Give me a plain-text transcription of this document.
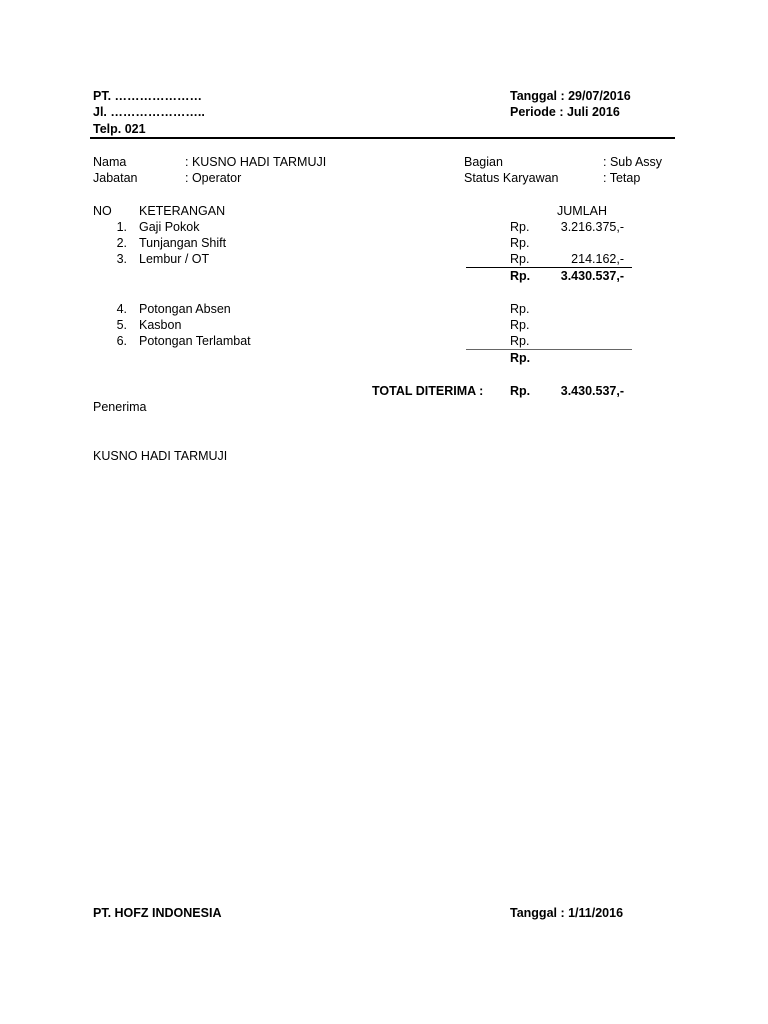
PT. …………………
Jl. …………………..
Telp. 021
Tanggal : 29/07/2016
Periode : Juli 2016
Nama	: KUSNO HADI TARMUJI
Jabatan	: Operator
Bagian	: Sub Assy
Status Karyawan	: Tetap
NO KETERANGAN	JUMLAH
1. Gaji Pokok	Rp.	3.216.375,-
2. Tunjangan Shift	Rp.
3. Lembur / OT	Rp.	214.162,-
Rp.	3.430.537,-
4. Potongan Absen	Rp.
5. Kasbon	Rp.
6. Potongan Terlambat	Rp.
Rp.
TOTAL DITERIMA : Rp.	3.430.537,-
Penerima
KUSNO HADI TARMUJI
PT. HOFZ INDONESIA	Tanggal : 1/11/2016
